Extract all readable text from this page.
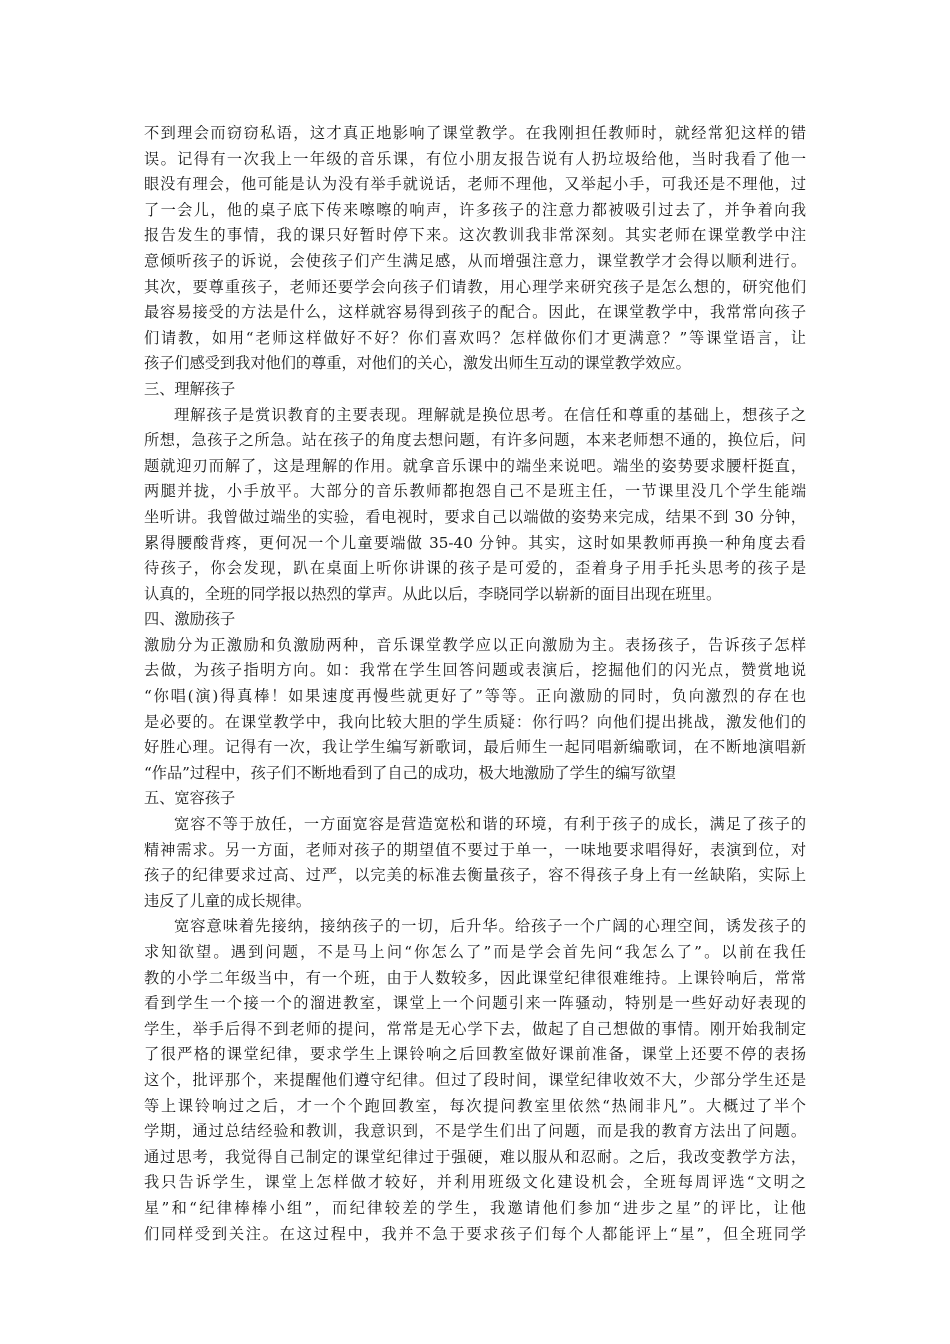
不到理会而窃窃私语，这才真正地影响了课堂教学。在我刚担任教师时，就经常犯这样的错
误。记得有一次我上一年级的音乐课，有位小朋友报告说有人扔垃圾给他，当时我看了他一
眼没有理会，他可能是认为没有举手就说话，老师不理他，又举起小手，可我还是不理他，过
了一会儿，他的桌子底下传来嚓嚓的响声，许多孩子的注意力都被吸引过去了，并争着向我
报告发生的事情，我的课只好暂时停下来。这次教训我非常深刻。其实老师在课堂教学中注
意倾听孩子的诉说，会使孩子们产生满足感，从而增强注意力，课堂教学才会得以顺利进行。
其次，要尊重孩子，老师还要学会向孩子们请教，用心理学来研究孩子是怎么想的，研究他们
最容易接受的方法是什么，这样就容易得到孩子的配合。因此，在课堂教学中，我常常向孩子
们请教，如用“老师这样做好不好？你们喜欢吗？怎样做你们才更满意？”等课堂语言，让
孩子们感受到我对他们的尊重，对他们的关心，激发出师生互动的课堂教学效应。
三、理解孩子
理解孩子是赏识教育的主要表现。理解就是换位思考。在信任和尊重的基础上，想孩子之
所想，急孩子之所急。站在孩子的角度去想问题，有许多问题，本来老师想不通的，换位后，问
题就迎刃而解了，这是理解的作用。就拿音乐课中的端坐来说吧。端坐的姿势要求腰杆挺直，
两腿并拢，小手放平。大部分的音乐教师都抱怨自己不是班主任，一节课里没几个学生能端
坐听讲。我曾做过端坐的实验，看电视时，要求自己以端做的姿势来完成，结果不到 30 分钟，
累得腰酸背疼，更何况一个儿童要端做 35-40 分钟。其实，这时如果教师再换一种角度去看
待孩子，你会发现，趴在桌面上听你讲课的孩子是可爱的，歪着身子用手托头思考的孩子是
认真的，全班的同学报以热烈的掌声。从此以后，李晓同学以崭新的面目出现在班里。
四、激励孩子
激励分为正激励和负激励两种，音乐课堂教学应以正向激励为主。表扬孩子，告诉孩子怎样
去做，为孩子指明方向。如：我常在学生回答问题或表演后，挖掘他们的闪光点，赞赏地说
“你唱(演)得真棒！如果速度再慢些就更好了”等等。正向激励的同时，负向激烈的存在也
是必要的。在课堂教学中，我向比较大胆的学生质疑：你行吗？向他们提出挑战，激发他们的
好胜心理。记得有一次，我让学生编写新歌词，最后师生一起同唱新编歌词，在不断地演唱新
“作品”过程中，孩子们不断地看到了自己的成功，极大地激励了学生的编写欲望
五、宽容孩子
宽容不等于放任，一方面宽容是营造宽松和谐的环境，有利于孩子的成长，满足了孩子的
精神需求。另一方面，老师对孩子的期望值不要过于单一，一味地要求唱得好，表演到位，对
孩子的纪律要求过高、过严，以完美的标准去衡量孩子，容不得孩子身上有一丝缺陷，实际上
违反了儿童的成长规律。
宽容意味着先接纳，接纳孩子的一切，后升华。给孩子一个广阔的心理空间，诱发孩子的
求知欲望。遇到问题，不是马上问“你怎么了”而是学会首先问“我怎么了”。以前在我任
教的小学二年级当中，有一个班，由于人数较多，因此课堂纪律很难维持。上课铃响后，常常
看到学生一个接一个的溜进教室，课堂上一个问题引来一阵骚动，特别是一些好动好表现的
学生，举手后得不到老师的提问，常常是无心学下去，做起了自己想做的事情。刚开始我制定
了很严格的课堂纪律，要求学生上课铃响之后回教室做好课前准备，课堂上还要不停的表扬
这个，批评那个，来提醒他们遵守纪律。但过了段时间，课堂纪律收效不大，少部分学生还是
等上课铃响过之后，才一个个跑回教室，每次提问教室里依然“热闹非凡”。大概过了半个
学期，通过总结经验和教训，我意识到，不是学生们出了问题，而是我的教育方法出了问题。
通过思考，我觉得自己制定的课堂纪律过于强硬，难以服从和忍耐。之后，我改变教学方法，
我只告诉学生，课堂上怎样做才较好，并利用班级文化建设机会，全班每周评选“文明之
星”和“纪律棒棒小组”，而纪律较差的学生，我邀请他们参加“进步之星”的评比，让他
们同样受到关注。在这过程中，我并不急于要求孩子们每个人都能评上“星”，但全班同学
